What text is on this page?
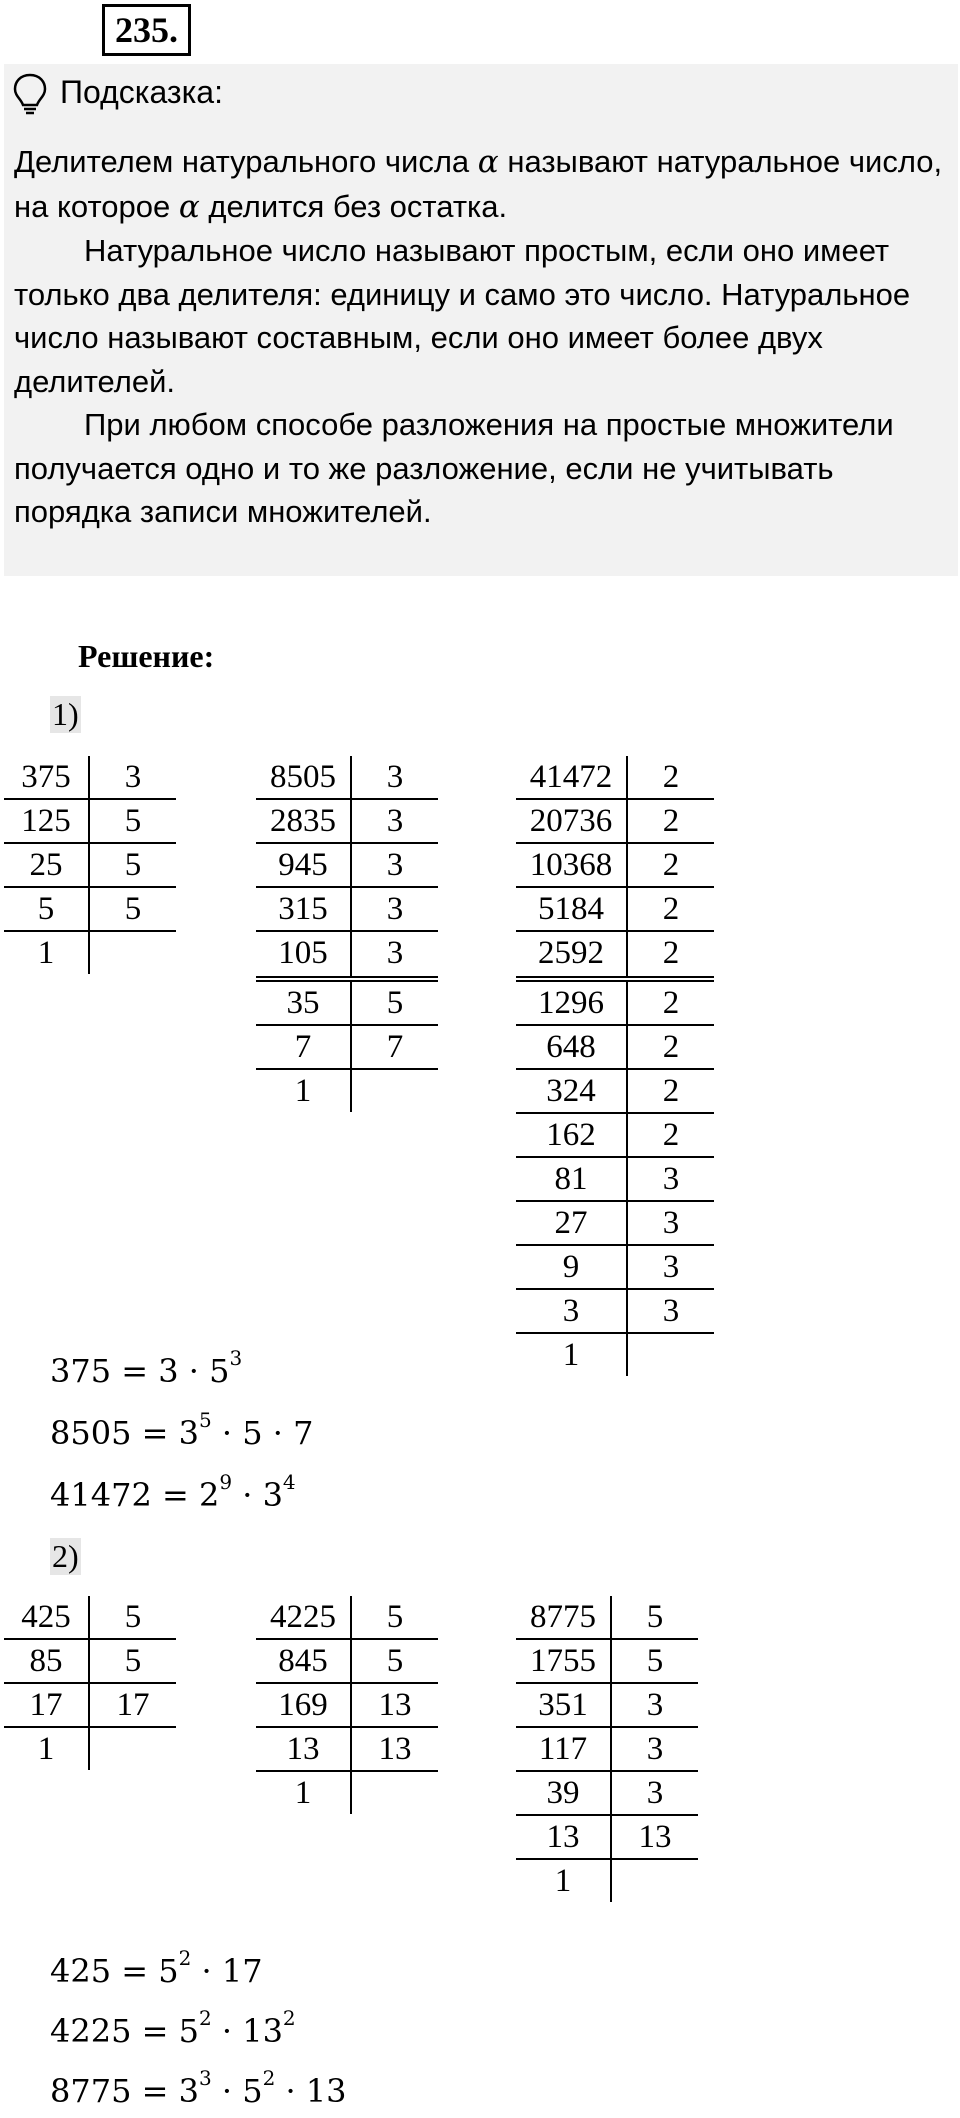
235.
Подсказка:

Делителем натурального числа α называют натуральное число, на которое α делится без остатка.

Натуральное число называют простым, если оно имеет только два делителя: единицу и само это число. Натуральное число называют составным, если оно имеет более двух делителей.

При любом способе разложения на простые множители получается одно и то же разложение, если не учитывать порядка записи множителей.

Решение:
1)
2)
375	3
125	5
25	5
5	5
1
8505	3
2835	3
945	3
315	3
105	3
35	5
7	7
1
41472	2
20736	2
10368	2
5184	2
2592	2
1296	2
648	2
324	2
162	2
81	3
27	3
9	3
3	3
1
425	5
85	5
17	17
1
4225	5
845	5
169	13
13	13
1
8775	5
1755	5
351	3
117	3
39	3
13	13
1
$375 = 3 \cdot 5^3$
$8505 = 3^5 \cdot 5 \cdot 7$
$41472 = 2^9 \cdot 3^4$
$425 = 5^2 \cdot 17$
$4225 = 5^2 \cdot 13^2$
$8775 = 3^3 \cdot 5^2 \cdot 13$
